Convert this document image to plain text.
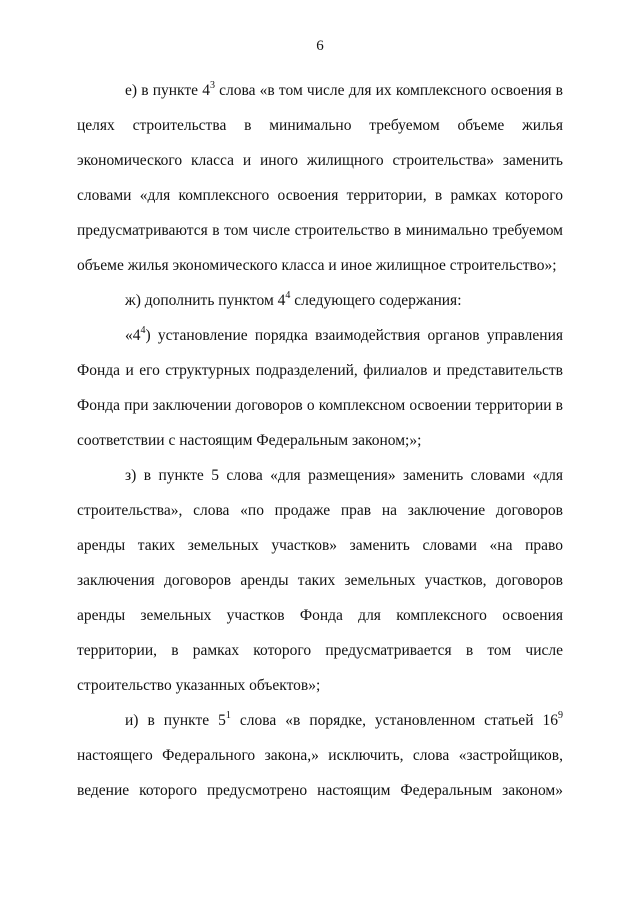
6

е) в пункте $4^3$ слова «в том числе для их комплексного освоения в целях строительства в минимально требуемом объеме жилья экономического класса и иного жилищного строительства» заменить словами «для комплексного освоения территории, в рамках которого предусматриваются в том числе строительство в минимально требуемом объеме жилья экономического класса и иное жилищное строительство»;

ж) дополнить пунктом $4^4$ следующего содержания:

«$4^4$) установление порядка взаимодействия органов управления Фонда и его структурных подразделений, филиалов и представительств Фонда при заключении договоров о комплексном освоении территории в соответствии с настоящим Федеральным законом;»;

з) в пункте 5 слова «для размещения» заменить словами «для строительства», слова «по продаже прав на заключение договоров аренды таких земельных участков» заменить словами «на право заключения договоров аренды таких земельных участков, договоров аренды земельных участков Фонда для комплексного освоения территории, в рамках которого предусматривается в том числе строительство указанных объектов»;

и) в пункте $5^1$ слова «в порядке, установленном статьей $16^9$ настоящего Федерального закона,» исключить, слова «застройщиков, ведение которого предусмотрено настоящим Федеральным законом»
